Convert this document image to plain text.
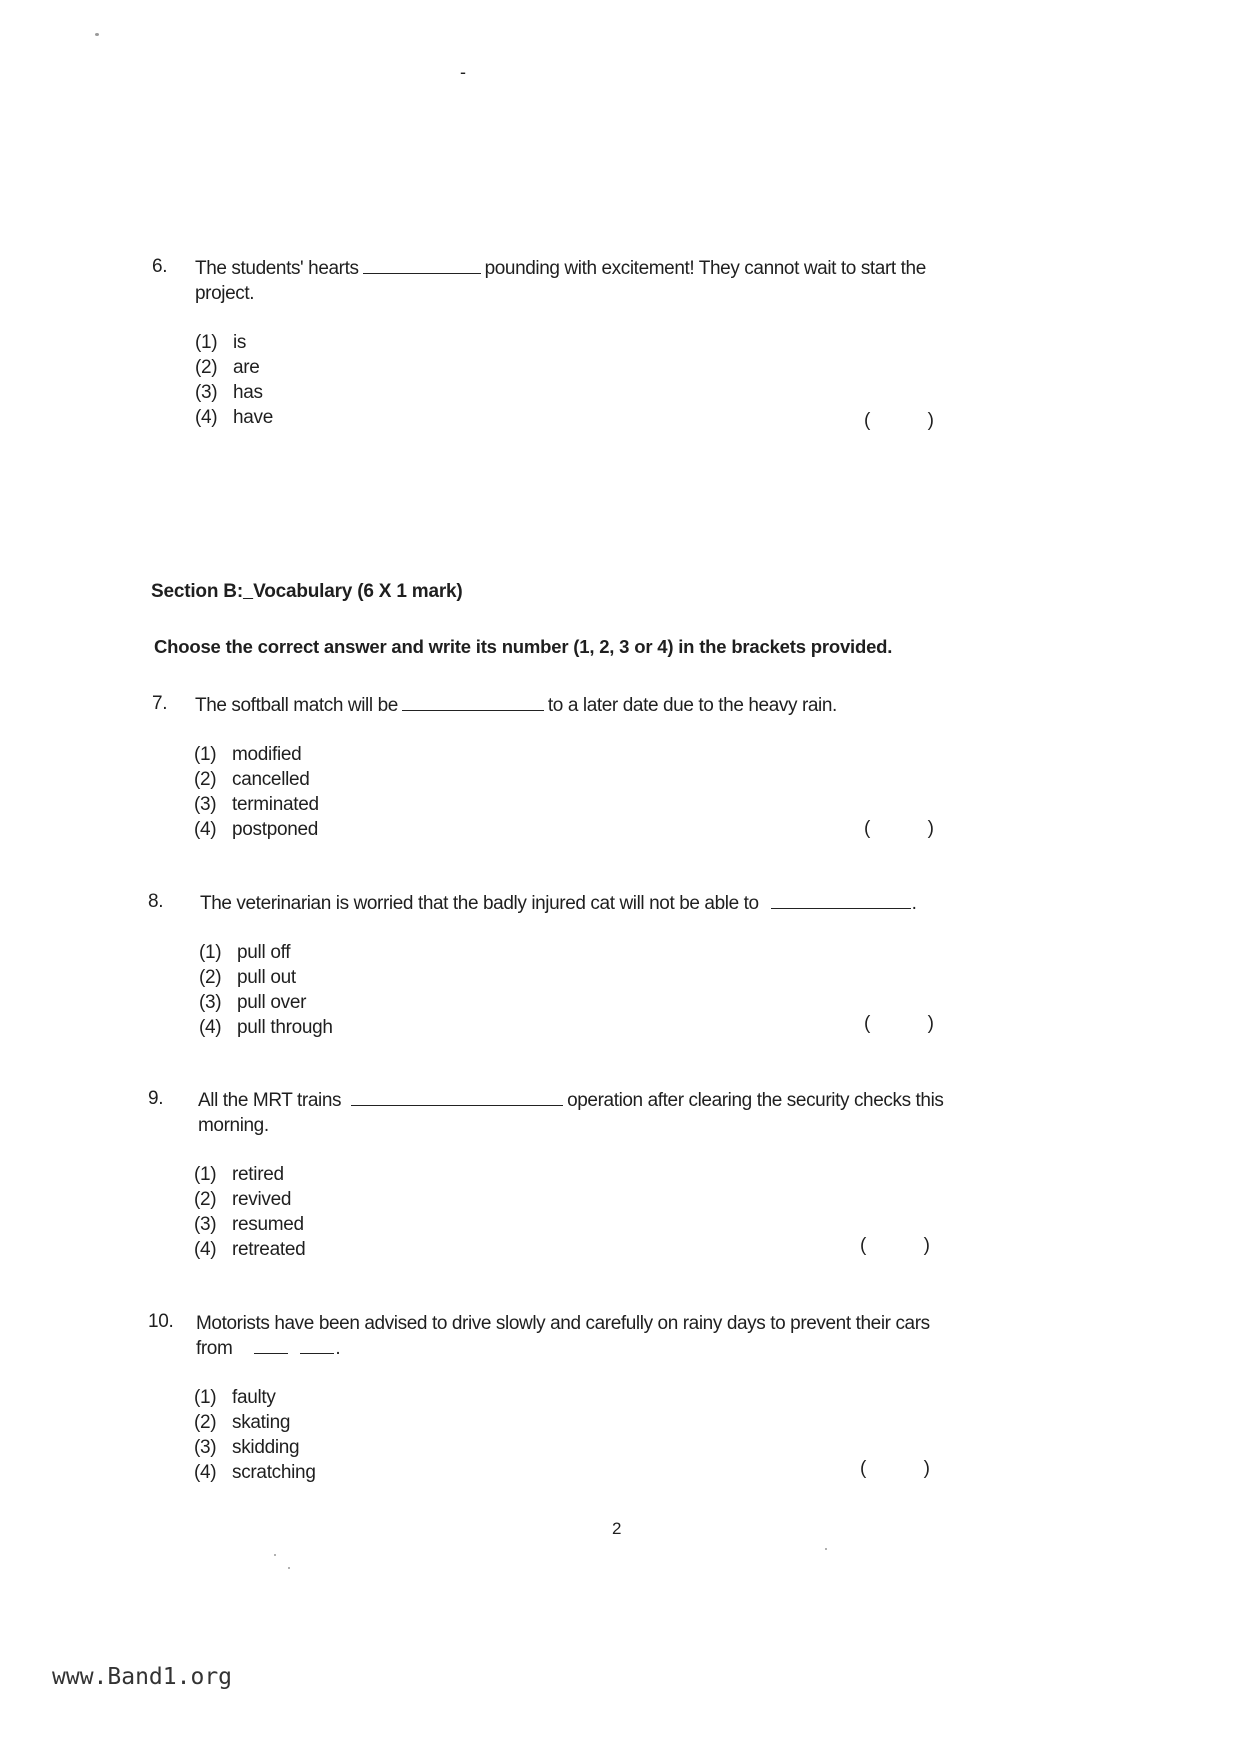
-
6. The students' hearts	pounding with excitement! They cannot wait to start the
project.
(1) is
(2) are
(3) has
(4) have	(	)
Section B: Vocabulary (6 X 1 mark)
Choose the correct answer and write its number (1, 2, 3 or 4) in the brackets provided.
7. The softball match will be	to a later date due to the heavy rain.
(1) modified
(2) cancelled
(3) terminated
(4) postponed	(	)
8. The veterinarian is worried that the badly injured cat will not be able to	.
(1) pull off
(2) pull out
(3) pull over
(4) pull through	(	)
9. All the MRT trains	operation after clearing the security checks this
morning.
(1) retired
(2) revived
(3) resumed
(4) retreated	(	)
10. Motorists have been advised to drive slowly and carefully on rainy days to prevent their cars
from	.
(1) faulty
(2) skating
(3) skidding
(4) scratching	(	)
2
www.Band1.org
